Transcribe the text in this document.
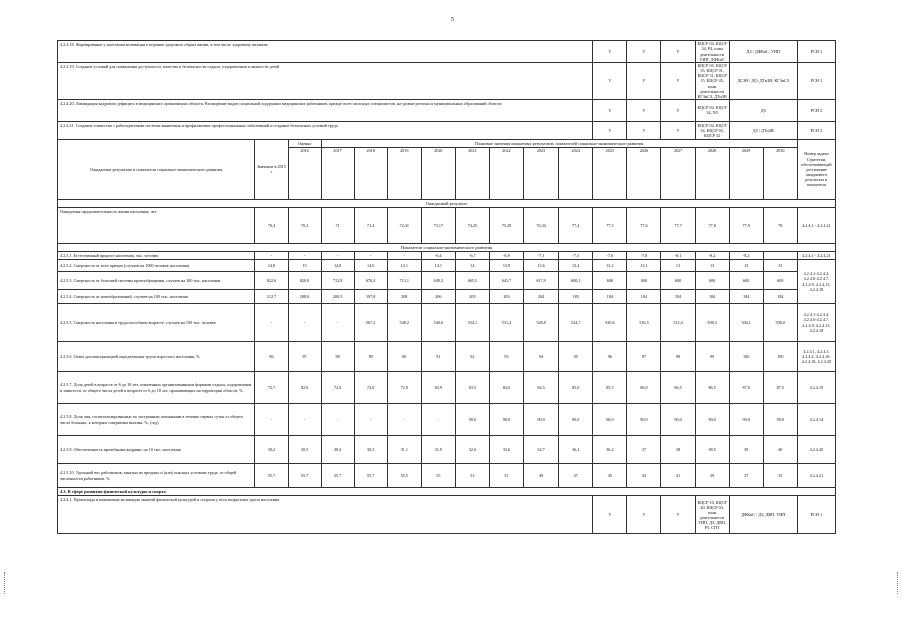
5
4.2.4.18. Формирование у населения мотивации к ведению здорового образа жизни, в том числе здоровому питанию											V	V	V	КЦСР 04, КЦСР 34, Р4, план деятельности УИП, ДФКиС	ДЗ / ДФКиС, УИП		РСН 1
4.2.4.19. Создание условий для повышения доступности, качества и безопасности отдыха, оздоровления и занятости детей											V	V	V	КЦСР 05, КЦСР 35, КЦСР 01, КЦСР 31, КЦСР 15, КЦСР 45, план деятельности КГЗиСЗ, ДТиЗН	ДСЗН / ДО, ДТиЗН, КГЗиСЗ		РСН 1
4.2.4.20. Ликвидация кадрового дефицита в медицинских организациях области. Расширение видов социальной поддержки медицинских работников, прежде всего молодых специалистов, на уровне региона и муниципальных образований области											V	V	V	КЦСР 04, КЦСР 34, N5	ДЗ		РСН 2
4.2.4.21. Создание совместно с работодателями системы выявления и профилактики профессиональных заболеваний и создание безопасных условий труда											V	V	V	КЦСР 04, КЦСР 34, КЦСР 02, КЦСР 32	ДЗ / ДТиЗН		РСН 2
Ожидаемые результаты и показатели социально-экономического развития	Значение в 2015 г	Оценка	Плановые значения ожидаемых результатов, показателей социально-экономического развития														Номер задачи Стратегии, обеспечивающей достижение ожидаемого результата и показателя
		2016	2017	2018	2019	2020	2021	2022	2023	2024	2025	2026	2027	2028	2029	2030	
Ожидаемый результат																	
Ожидаемая продолжительность жизни населения, лет	70,4	70,2	71	71,4	72,41	73,17	74,25	75,29	76,34	77,4	77,5	77,6	77,7	77,8	77,9	78	4.2.4.1 - 4.2.4.21
Показатели социально-экономического развития																	
4.2.5.1. Естественный прирост населения, тыс. человек	-	-	-	-	-	-6,4	-6,7	-6,9	-7,1	-7,3	-7,6	-7,8	-8,1	-8,2	-8,2		4.2.4.1 - 4.2.4.21
4.2.5.2. Смертность от всех причин (случаев на 1000 человек населения)	14,8	15	14,8	14,6	14,1	14,1	14	13,9	13,6	13,4	13,2	13,1	13	13	13	13	4.2.4.1-4.2.4.4, 4.2.4.6-4.2.4.7, 4.2.4.9, 4.2.4.13, 4.2.4.18
4.2.5.3. Смертность от болезней системы кровообращения, случаев на 100 тыс. населения	822,6	820,0	712,8	670,4	713,1	649,3	665,5	641,7	617,9	600,1	600	600	600	600	600	600	
4.2.5.4. Смертность от новообразований, случаев на 100 тыс. населения	212,7	208,0	200,5	197,8	208	206	205	203	204	185	184	184	184	184	184	184	
4.2.5.5. Смертность населения в трудоспособном возрасте, случаев на 100 тыс. человек	-	-	-	567,2	548,2	540,6	534,1	531,4	528,8	524,7	520,6	516,5	512,4	508,3	504,1	500,0	4.2.4.1-4.2.4.4, 4.2.4.6-4.2.4.7, 4.2.4.9, 4.2.4.13, 4.2.4.18
4.2.5.6. Охват диспансеризацией определенных групп взрослого населения, %	86	87	88	89	90	91	92	93	94	95	96	97	98	99	100	100	4.2.4.1, 4.2.4.3, 4.2.4.4, 4.2.4.16-4.2.4.18, 4.2.4.20
4.2.5.7. Доля детей в возрасте от 6 до 18 лет, охваченных организованными формами отдыха, оздоровления и занятости, от общего числа детей в возрасте от 6 до 18 лет, проживающих на территории области, %	72,7	82,0	72,0	72,0	72,9	82,9	83,5	84,0	84,5	85,0	85,5	86,0	86,5	86,5	87,0	87,5	4.2.4.19
4.2.5.8. Доля лиц, госпитализированных по экстренным показаниям в течение первых суток от общего числа больных, к которым совершены вызовы, %, (год)	-	-	-	-	-	-	90,0	90,0	90,0	90,0	90,0	90,0	90,0	90,0	90,0	90,0	4.2.4.14
4.2.5.9. Обеспеченность врачебными кадрами, на 10 тыс. населения	30,2	30,5	30,4	30,5	31,1	31,9	32,6	33,6	34,7	36,2	36,2	37	38	38,5	39	40	4.2.4.20
4.2.5.10. Удельный вес работников, занятых во вредных и (или) опасных условиях труда, от общей численности работников, %	55,7	55,7	55,7	55,7	55,5	55	53	51	49	47	45	43	41	39	37	35	4.2.4.21
4.3. В сфере развития физической культуры и спорта																	
4.3.4.1. Пропаганда и повышение мотивации занятий физической культурой и спортом у всех возрастных групп населения											V	V	V	КЦСР 10, КЦСР 40, КЦСР 04, план деятельности УИП, ДЗ, ДВП, Р5, СПТ	ДФКиС / ДЗ, ДВП, УИП		РСН 1
